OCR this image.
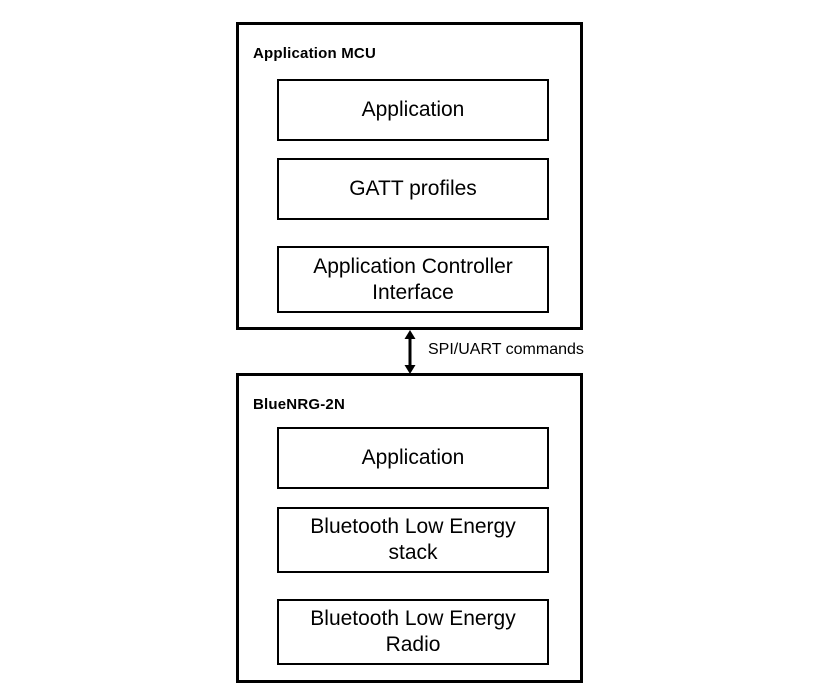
Application MCU
Application
GATT profiles
Application Controller
Interface
SPI/UART commands
BlueNRG-2N
Application
Bluetooth Low Energy
stack
Bluetooth Low Energy
Radio
